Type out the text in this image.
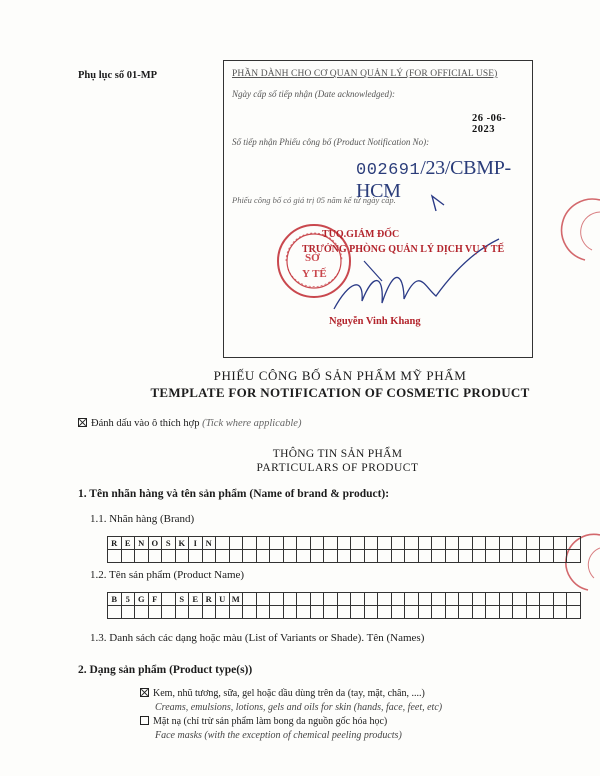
Phụ lục số 01-MP	PHẦN DÀNH CHO CƠ QUAN QUẢN LÝ (FOR OFFICIAL USE)
Ngày cấp số tiếp nhận (Date acknowledged):
26 -06- 2023
Số tiếp nhận Phiếu công bố (Product Notification No):
002691/23/CBMP-HCM
Phiếu công bố có giá trị 05 năm kể từ ngày cấp.
SỞ
Y TẾ
TUQ.GIÁM ĐỐC
TRƯỞNG PHÒNG QUẢN LÝ DỊCH VỤ Y TẾ
Nguyễn Vinh Khang
PHIẾU CÔNG BỐ SẢN PHẨM MỸ PHẨM
TEMPLATE FOR NOTIFICATION OF COSMETIC PRODUCT
Đánh dấu vào ô thích hợp (Tick where applicable)
THÔNG TIN SẢN PHẨM
PARTICULARS OF PRODUCT
1. Tên nhãn hàng và tên sản phẩm (Name of brand & product):
1.1. Nhãn hàng (Brand)
R	E	N	O	S	K	I	N																											

1.2. Tên sản phẩm (Product Name)
B	5	G	F		S	E	R	U	M																									

1.3. Danh sách các dạng hoặc màu (List of Variants or Shade). Tên (Names)
2. Dạng sản phẩm (Product type(s))
Kem, nhũ tương, sữa, gel hoặc dầu dùng trên da (tay, mặt, chân, ....)
Creams, emulsions, lotions, gels and oils for skin (hands, face, feet, etc)
Mặt nạ (chỉ trừ sản phẩm làm bong da nguồn gốc hóa học)
Face masks (with the exception of chemical peeling products)
